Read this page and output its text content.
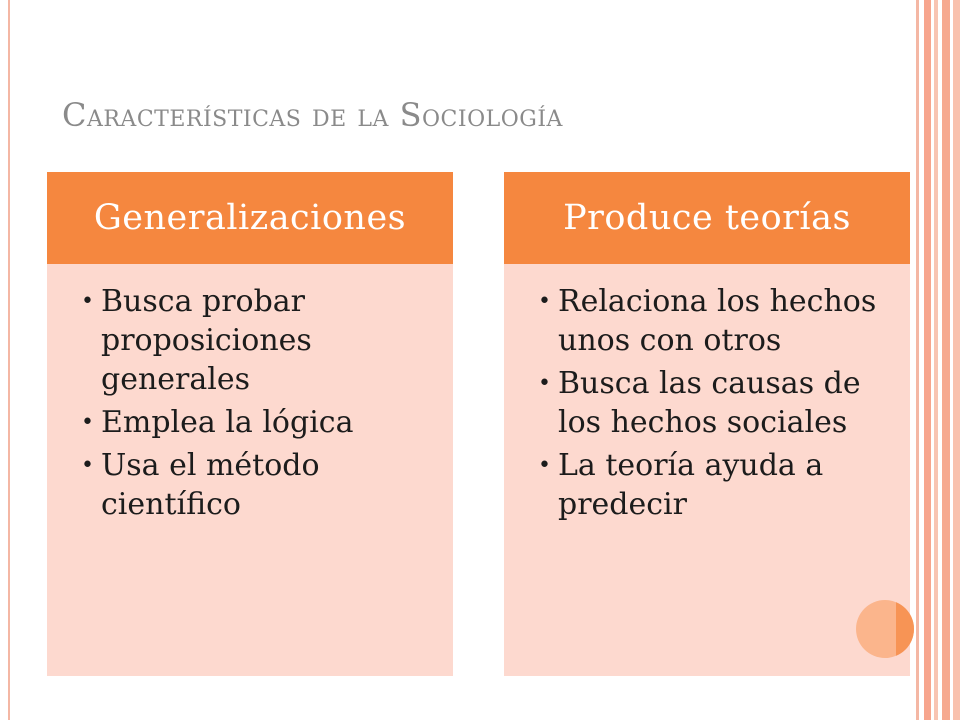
Características de la Sociología
Generalizaciones
• Busca probar proposiciones generales
• Emplea la lógica
• Usa el método científico
Produce teorías
• Relaciona los hechos unos con otros
• Busca las causas de los hechos sociales
• La teoría ayuda a predecir
